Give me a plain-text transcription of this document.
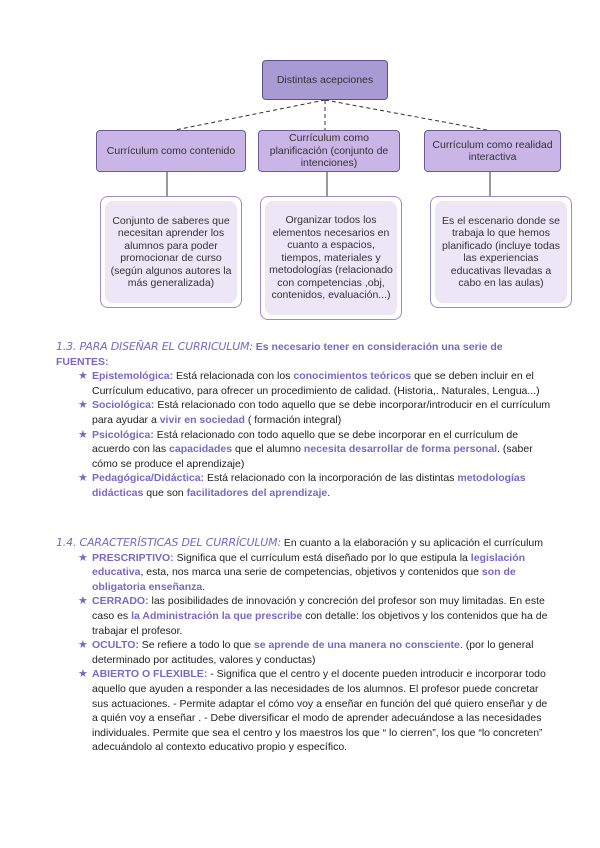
Distintas acepciones
Currículum como contenido
Currículum como planificación (conjunto de intenciones)
Currículum como realidad interactiva
Conjunto de saberes que necesitan aprender los alumnos para poder promocionar de curso (según algunos autores la más generalizada)
Organizar todos los elementos necesarios en cuanto a espacios, tiempos, materiales y metodologías (relacionado con competencias ,obj, contenidos, evaluación...)
Es el escenario donde se trabaja lo que hemos planificado (incluye todas las experiencias educativas llevadas a cabo en las aulas)
1.3. PARA DISEÑAR EL CURRICULUM: Es necesario tener en consideración una serie de FUENTES:
★ Epistemológica: Está relacionada con los conocimientos teóricos que se deben incluir en el Currículum educativo, para ofrecer un procedimiento de calidad. (Historia,. Naturales, Lengua...)
★ Sociológica: Está relacionado con todo aquello que se debe incorporar/introducir en el currículum para ayudar a vivir en sociedad ( formación integral)
★ Psicológica: Está relacionado con todo aquello que se debe incorporar en el currículum de acuerdo con las capacidades que el alumno necesita desarrollar de forma personal. (saber cómo se produce el aprendizaje)
★ Pedagógica/Didáctica: Está relacionado con la incorporación de las distintas metodologías didácticas que son facilitadores del aprendizaje.
1.4. CARACTERÍSTICAS DEL CURRÍCULUM: En cuanto a la elaboración y su aplicación el currículum
★ PRESCRIPTIVO: Significa que el currículum está diseñado por lo que estipula la legislación educativa, esta, nos marca una serie de competencias, objetivos y contenidos que son de obligatoria enseñanza.
★ CERRADO: las posibilidades de innovación y concreción del profesor son muy limitadas. En este caso es la Administración la que prescribe con detalle: los objetivos y los contenidos que ha de trabajar el profesor.
★ OCULTO: Se refiere a todo lo que se aprende de una manera no consciente. (por lo general determinado por actitudes, valores y conductas)
★ ABIERTO O FLEXIBLE: - Significa que el centro y el docente pueden introducir e incorporar todo aquello que ayuden a responder a las necesidades de los alumnos. El profesor puede concretar sus actuaciones. - Permite adaptar el cómo voy a enseñar en función del qué quiero enseñar y de a quién voy a enseñar . - Debe diversificar el modo de aprender adecuándose a las necesidades individuales. Permite que sea el centro y los maestros los que “ lo cierren”, los que “lo concreten” adecuándolo al contexto educativo propio y específico.
